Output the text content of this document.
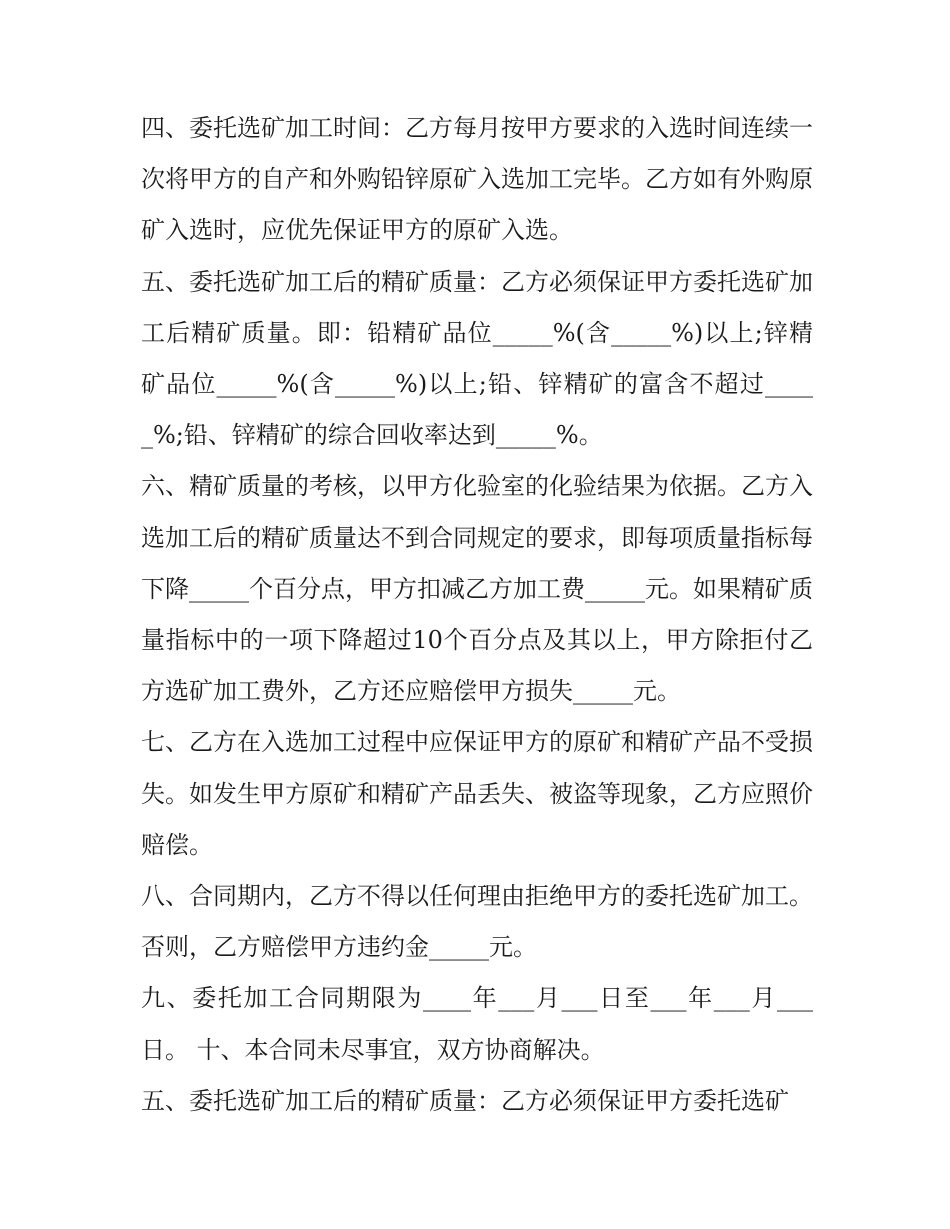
四、委托选矿加工时间：乙方每月按甲方要求的入选时间连续一次将甲方的自产和外购铅锌原矿入选加工完毕。乙方如有外购原矿入选时，应优先保证甲方的原矿入选。

五、委托选矿加工后的精矿质量：乙方必须保证甲方委托选矿加工后精矿质量。即：铅精矿品位_____%(含_____%)以上;锌精矿品位_____%(含_____%)以上;铅、锌精矿的富含不超过_____%;铅、锌精矿的综合回收率达到_____%。

六、精矿质量的考核，以甲方化验室的化验结果为依据。乙方入选加工后的精矿质量达不到合同规定的要求，即每项质量指标每下降_____个百分点，甲方扣减乙方加工费_____元。如果精矿质量指标中的一项下降超过10个百分点及其以上，甲方除拒付乙方选矿加工费外，乙方还应赔偿甲方损失_____元。

七、乙方在入选加工过程中应保证甲方的原矿和精矿产品不受损失。如发生甲方原矿和精矿产品丢失、被盗等现象，乙方应照价赔偿。

八、合同期内，乙方不得以任何理由拒绝甲方的委托选矿加工。否则，乙方赔偿甲方违约金_____元。

九、委托加工合同期限为____年___月___日至___年___月___日。 十、本合同未尽事宜，双方协商解决。

五、委托选矿加工后的精矿质量：乙方必须保证甲方委托选矿
